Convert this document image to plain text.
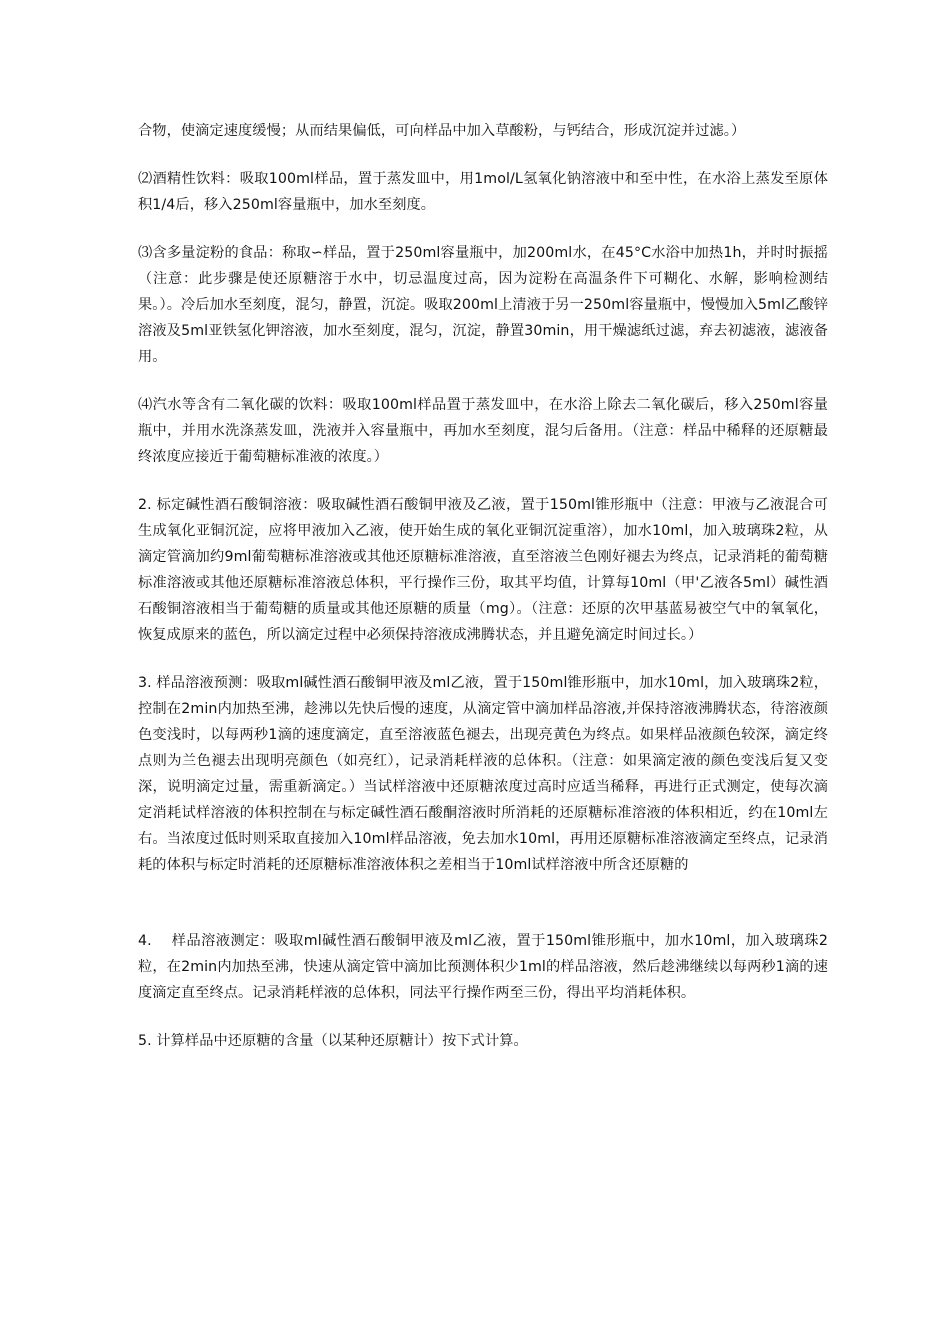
合物，使滴定速度缓慢；从而结果偏低，可向样品中加入草酸粉，与钙结合，形成沉淀并过滤。）

⑵酒精性饮料：吸取100ml样品，置于蒸发皿中，用1mol/L氢氧化钠溶液中和至中性，在水浴上蒸发至原体积1/4后，移入250ml容量瓶中，加水至刻度。

⑶含多量淀粉的食品：称取∽样品，置于250ml容量瓶中，加200ml水，在45°C水浴中加热1h，并时时振摇（注意：此步骤是使还原糖溶于水中，切忌温度过高，因为淀粉在高温条件下可糊化、水解，影响检测结果。）。冷后加水至刻度，混匀，静置，沉淀。吸取200ml上清液于另一250ml容量瓶中，慢慢加入5ml乙酸锌溶液及5ml亚铁氢化钾溶液，加水至刻度，混匀，沉淀，静置30min，用干燥滤纸过滤，弃去初滤液，滤液备用。

⑷汽水等含有二氧化碳的饮料：吸取100ml样品置于蒸发皿中，在水浴上除去二氧化碳后，移入250ml容量瓶中，并用水洗涤蒸发皿，洗液并入容量瓶中，再加水至刻度，混匀后备用。（注意：样品中稀释的还原糖最终浓度应接近于葡萄糖标准液的浓度。）

2. 标定碱性酒石酸铜溶液：吸取碱性酒石酸铜甲液及乙液，置于150ml锥形瓶中（注意：甲液与乙液混合可生成氧化亚铜沉淀，应将甲液加入乙液，使开始生成的氧化亚铜沉淀重溶），加水10ml，加入玻璃珠2粒，从滴定管滴加约9ml葡萄糖标准溶液或其他还原糖标准溶液，直至溶液兰色刚好褪去为终点，记录消耗的葡萄糖标准溶液或其他还原糖标准溶液总体积，平行操作三份，取其平均值，计算每10ml（甲'乙液各5ml）碱性酒石酸铜溶液相当于葡萄糖的质量或其他还原糖的质量（mg）。（注意：还原的次甲基蓝易被空气中的氧氧化，恢复成原来的蓝色，所以滴定过程中必须保持溶液成沸腾状态，并且避免滴定时间过长。）

3. 样品溶液预测：吸取ml碱性酒石酸铜甲液及ml乙液，置于150ml锥形瓶中，加水10ml，加入玻璃珠2粒，控制在2min内加热至沸，趁沸以先快后慢的速度，从滴定管中滴加样品溶液,并保持溶液沸腾状态，待溶液颜色变浅时，以每两秒1滴的速度滴定，直至溶液蓝色褪去，出现亮黄色为终点。如果样品液颜色较深，滴定终点则为兰色褪去出现明亮颜色（如亮红），记录消耗样液的总体积。（注意：如果滴定液的颜色变浅后复又变深，说明滴定过量，需重新滴定。）当试样溶液中还原糖浓度过高时应适当稀释，再进行正式测定，使每次滴定消耗试样溶液的体积控制在与标定碱性酒石酸酮溶液时所消耗的还原糖标准溶液的体积相近，约在10ml左右。当浓度过低时则采取直接加入10ml样品溶液，免去加水10ml，再用还原糖标准溶液滴定至终点，记录消耗的体积与标定时消耗的还原糖标准溶液体积之差相当于10ml试样溶液中所含还原糖的

4.　 样品溶液测定：吸取ml碱性酒石酸铜甲液及ml乙液，置于150ml锥形瓶中，加水10ml，加入玻璃珠2粒，在2min内加热至沸，快速从滴定管中滴加比预测体积少1ml的样品溶液，然后趁沸继续以每两秒1滴的速度滴定直至终点。记录消耗样液的总体积，同法平行操作两至三份，得出平均消耗体积。

5. 计算样品中还原糖的含量（以某种还原糖计）按下式计算。
